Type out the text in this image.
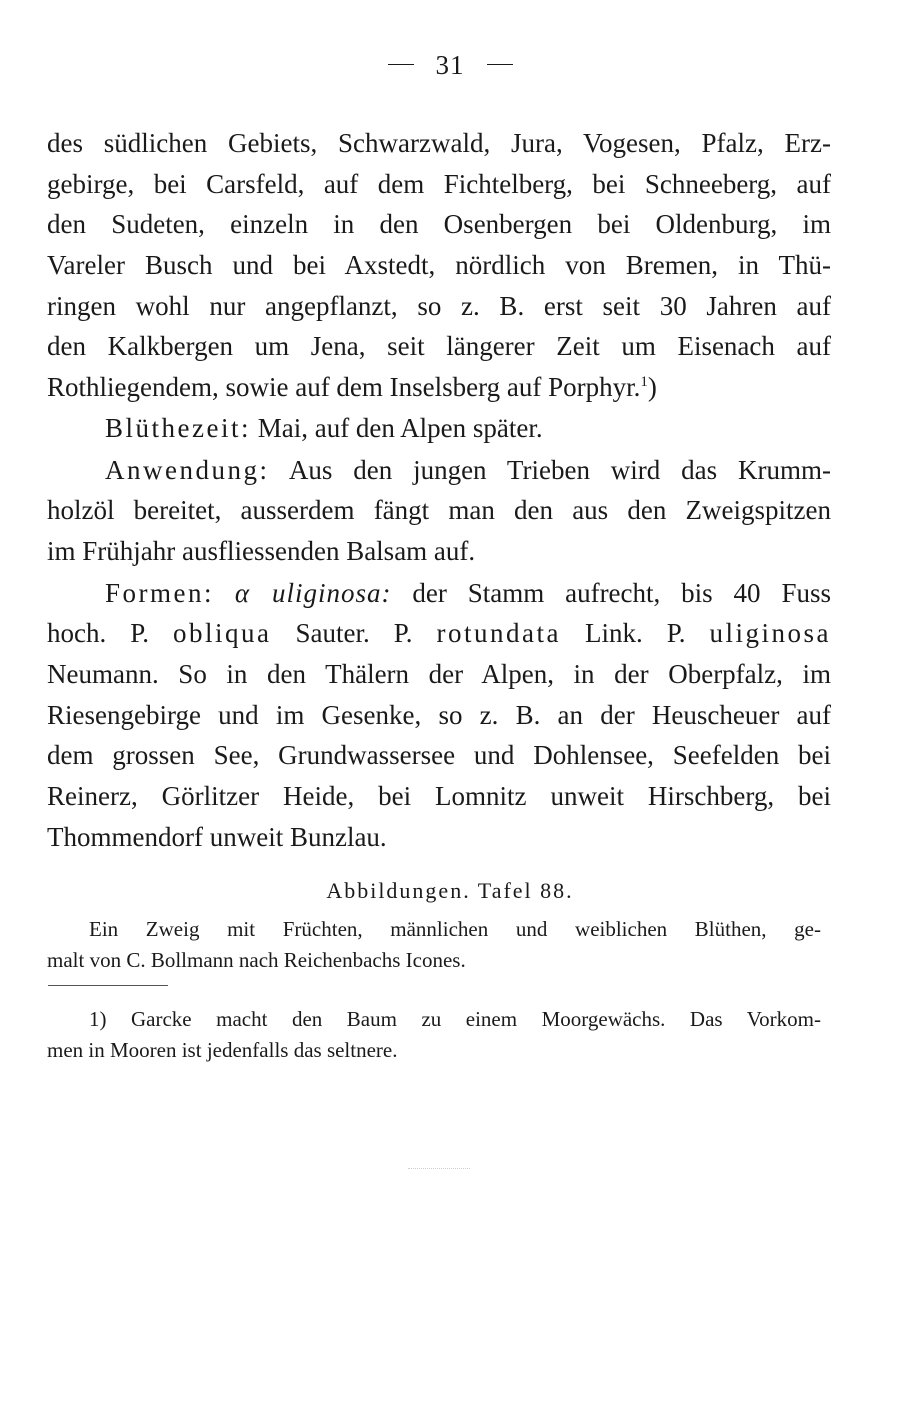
31
des südlichen Gebiets, Schwarzwald, Jura, Vogesen, Pfalz, Erz-
gebirge, bei Carsfeld, auf dem Fichtelberg, bei Schneeberg, auf
den Sudeten, einzeln in den Osenbergen bei Oldenburg, im
Vareler Busch und bei Axstedt, nördlich von Bremen, in Thü-
ringen wohl nur angepflanzt, so z. B. erst seit 30 Jahren auf
den Kalkbergen um Jena, seit längerer Zeit um Eisenach auf
Rothliegendem, sowie auf dem Inselsberg auf Porphyr.$^1$)
Blüthezeit: Mai, auf den Alpen später.
Anwendung: Aus den jungen Trieben wird das Krumm-
holzöl bereitet, ausserdem fängt man den aus den Zweigspitzen
im Frühjahr ausfliessenden Balsam auf.
Formen: α uliginosa: der Stamm aufrecht, bis 40 Fuss
hoch. P. obliqua Sauter. P. rotundata Link. P. uliginosa
Neumann. So in den Thälern der Alpen, in der Oberpfalz, im
Riesengebirge und im Gesenke, so z. B. an der Heuscheuer auf
dem grossen See, Grundwassersee und Dohlensee, Seefelden bei
Reinerz, Görlitzer Heide, bei Lomnitz unweit Hirschberg, bei
Thommendorf unweit Bunzlau.
Abbildungen. Tafel 88.
Ein Zweig mit Früchten, männlichen und weiblichen Blüthen, ge-
malt von C. Bollmann nach Reichenbachs Icones.
1) Garcke macht den Baum zu einem Moorgewächs. Das Vorkom-
men in Mooren ist jedenfalls das seltnere.
